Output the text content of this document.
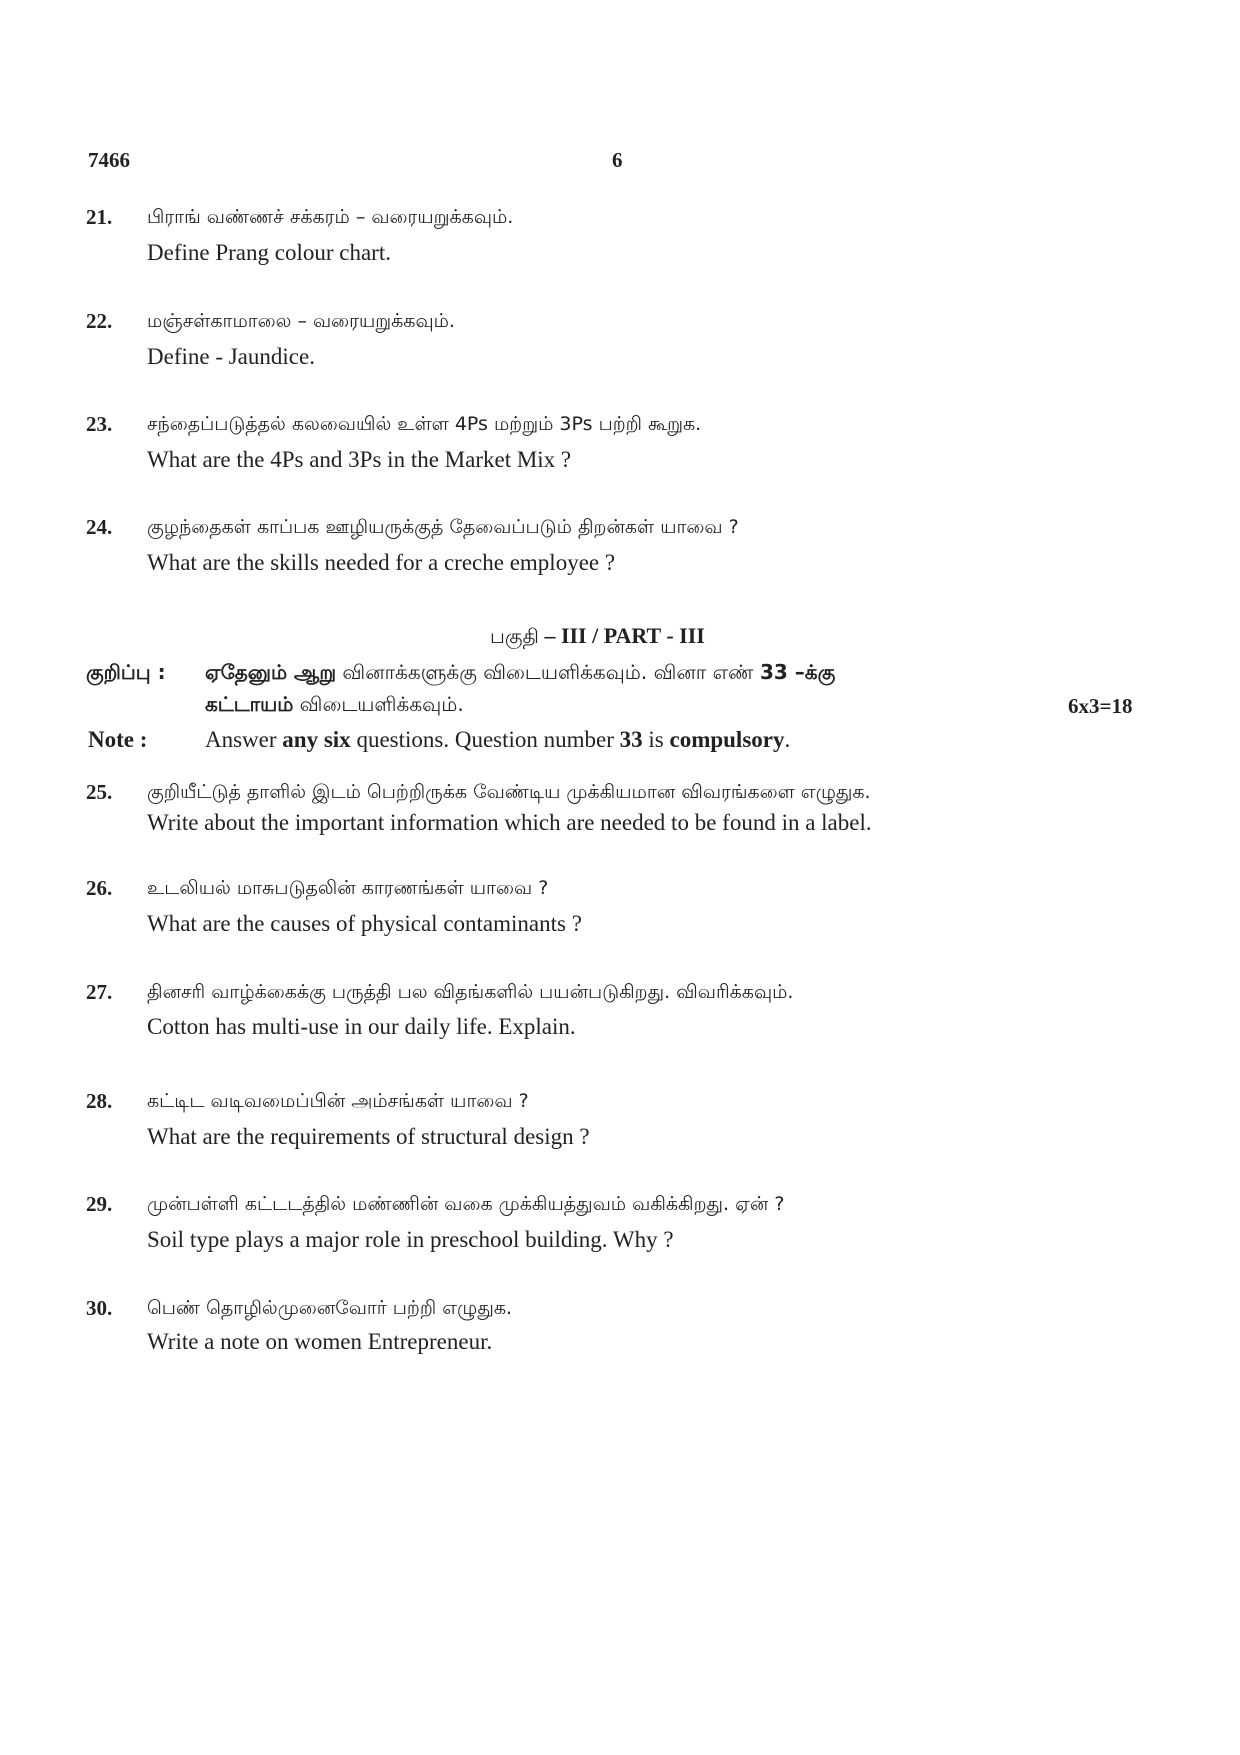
7466	6
21. பிராங் வண்ணச் சக்கரம் – வரையறுக்கவும்.
Define Prang colour chart.
22. மஞ்சள்காமாலை – வரையறுக்கவும்.
Define - Jaundice.
23. சந்தைப்படுத்தல் கலவையில் உள்ள 4Ps மற்றும் 3Ps பற்றி கூறுக.
What are the 4Ps and 3Ps in the Market Mix ?
24. குழந்தைகள் காப்பக ஊழியருக்குத் தேவைப்படும் திறன்கள் யாவை ?
What are the skills needed for a creche employee ?
பகுதி – III / PART - III
குறிப்பு : ஏதேனும் ஆறு வினாக்களுக்கு விடையளிக்கவும். வினா எண் 33 –க்கு
கட்டாயம் விடையளிக்கவும்.	6x3=18
Note :	Answer any six questions. Question number 33 is compulsory.
25. குறியீட்டுத் தாளில் இடம் பெற்றிருக்க வேண்டிய முக்கியமான விவரங்களை எழுதுக.
Write about the important information which are needed to be found in a label.
26. உடலியல் மாசுபடுதலின் காரணங்கள் யாவை ?
What are the causes of physical contaminants ?
27. தினசரி வாழ்க்கைக்கு பருத்தி பல விதங்களில் பயன்படுகிறது. விவரிக்கவும்.
Cotton has multi-use in our daily life. Explain.
28. கட்டிட வடிவமைப்பின் அம்சங்கள் யாவை ?
What are the requirements of structural design ?
29. முன்பள்ளி கட்டடத்தில் மண்ணின் வகை முக்கியத்துவம் வகிக்கிறது. ஏன் ?
Soil type plays a major role in preschool building. Why ?
30. பெண் தொழில்முனைவோர் பற்றி எழுதுக.
Write a note on women Entrepreneur.
